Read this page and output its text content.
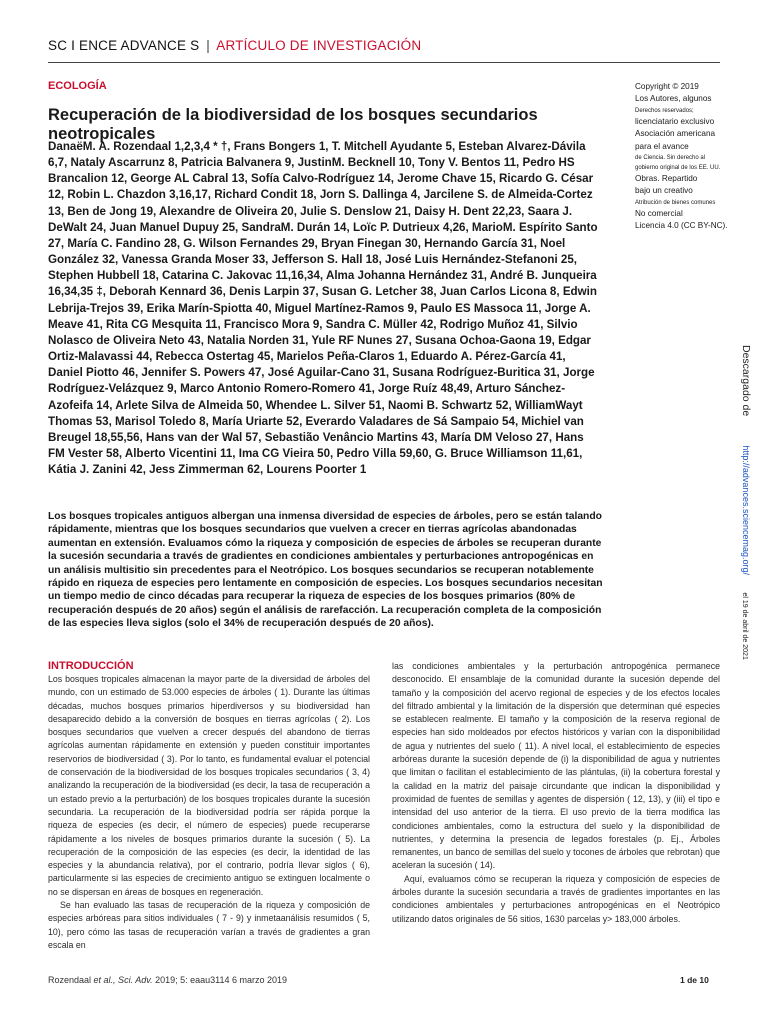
SC I ENCE ADVANCE S | ARTÍCULO DE INVESTIGACIÓN
ECOLOGÍA
Recuperación de la biodiversidad de los bosques secundarios neotropicales
DanaëM. A. Rozendaal 1,2,3,4 * †, Frans Bongers 1, T. Mitchell Ayudante 5, Esteban Alvarez-Dávila 6,7, Nataly Ascarrunz 8, Patricia Balvanera 9, JustinM. Becknell 10, Tony V. Bentos 11, Pedro HS Brancalion 12, George AL Cabral 13, Sofía Calvo-Rodríguez 14, Jerome Chave 15, Ricardo G. César 12, Robin L. Chazdon 3,16,17, Richard Condit 18, Jorn S. Dallinga 4, Jarcilene S. de Almeida-Cortez 13, Ben de Jong 19, Alexandre de Oliveira 20, Julie S. Denslow 21, Daisy H. Dent 22,23, Saara J. DeWalt 24, Juan Manuel Dupuy 25, SandraM. Durán 14, Loïc P. Dutrieux 4,26, MarioM. Espírito Santo 27, María C. Fandino 28, G. Wilson Fernandes 29, Bryan Finegan 30, Hernando García 31, Noel González 32, Vanessa Granda Moser 33, Jefferson S. Hall 18, José Luis Hernández-Stefanoni 25, Stephen Hubbell 18, Catarina C. Jakovac 11,16,34, Alma Johanna Hernández 31, André B. Junqueira 16,34,35 ‡, Deborah Kennard 36, Denis Larpin 37, Susan G. Letcher 38, Juan Carlos Licona 8, Edwin Lebrija-Trejos 39, Erika Marín-Spiotta 40, Miguel Martínez-Ramos 9, Paulo ES Massoca 11, Jorge A. Meave 41, Rita CG Mesquita 11, Francisco Mora 9, Sandra C. Müller 42, Rodrigo Muñoz 41, Silvio Nolasco de Oliveira Neto 43, Natalia Norden 31, Yule RF Nunes 27, Susana Ochoa-Gaona 19, Edgar Ortiz-Malavassi 44, Rebecca Ostertag 45, Marielos Peña-Claros 1, Eduardo A. Pérez-García 41, Daniel Piotto 46, Jennifer S. Powers 47, José Aguilar-Cano 31, Susana Rodríguez-Buritica 31, Jorge Rodríguez-Velázquez 9, Marco Antonio Romero-Romero 41, Jorge Ruíz 48,49, Arturo Sánchez-Azofeifa 14, Arlete Silva de Almeida 50, Whendee L. Silver 51, Naomi B. Schwartz 52, WilliamWayt Thomas 53, Marisol Toledo 8, María Uriarte 52, Everardo Valadares de Sá Sampaio 54, Michiel van Breugel 18,55,56, Hans van der Wal 57, Sebastião Venâncio Martins 43, María DM Veloso 27, Hans FM Vester 58, Alberto Vicentini 11, Ima CG Vieira 50, Pedro Villa 59,60, G. Bruce Williamson 11,61, Kátia J. Zanini 42, Jess Zimmerman 62, Lourens Poorter 1
Copyright © 2019
Los Autores, algunos
Derechos reservados;
licenciatario exclusivo
Asociación americana
para el avance
de Ciencia. Sin derecho al
gobierno original de los EE. UU.
Obras. Repartido
bajo un creativo
Atribución de bienes comunes
No comercial
Licencia 4.0 (CC BY-NC).
Descargado de          http://advances.sciencemag.org/      el 19 de abril de 2021
Los bosques tropicales antiguos albergan una inmensa diversidad de especies de árboles, pero se están talando rápidamente, mientras que los bosques secundarios que vuelven a crecer en tierras agrícolas abandonadas aumentan en extensión. Evaluamos cómo la riqueza y composición de especies de árboles se recuperan durante la sucesión secundaria a través de gradientes en condiciones ambientales y perturbaciones antropogénicas en un análisis multisitio sin precedentes para el Neotrópico. Los bosques secundarios se recuperan notablemente rápido en riqueza de especies pero lentamente en composición de especies. Los bosques secundarios necesitan un tiempo medio de cinco décadas para recuperar la riqueza de especies de los bosques primarios (80% de recuperación después de 20 años) según el análisis de rarefacción. La recuperación completa de la composición de las especies lleva siglos (solo el 34% de recuperación después de 20 años).
INTRODUCCIÓN

Los bosques tropicales almacenan la mayor parte de la diversidad de árboles del mundo, con un estimado de 53.000 especies de árboles ( 1). Durante las últimas décadas, muchos bosques primarios hiperdiversos y su biodiversidad han desaparecido debido a la conversión de bosques en tierras agrícolas ( 2). Los bosques secundarios que vuelven a crecer después del abandono de tierras agrícolas aumentan rápidamente en extensión y pueden constituir importantes reservorios de biodiversidad ( 3). Por lo tanto, es fundamental evaluar el potencial de conservación de la biodiversidad de los bosques tropicales secundarios ( 3, 4) analizando la recuperación de la biodiversidad (es decir, la tasa de recuperación a un estado previo a la perturbación) de los bosques tropicales durante la sucesión secundaria. La recuperación de la biodiversidad podría ser rápida porque la riqueza de especies (es decir, el número de especies) puede recuperarse rápidamente a los niveles de bosques primarios durante la sucesión ( 5). La recuperación de la composición de las especies (es decir, la identidad de las especies y la abundancia relativa), por el contrario, podría llevar siglos ( 6), particularmente si las especies de crecimiento antiguo se extinguen localmente o no se dispersan en áreas de bosques en regeneración.

Se han evaluado las tasas de recuperación de la riqueza y composición de especies arbóreas para sitios individuales ( 7 - 9) y inmetaanálisis resumidos ( 5, 10), pero cómo las tasas de recuperación varían a través de gradientes a gran escala en

las condiciones ambientales y la perturbación antropogénica permanece desconocido. El ensamblaje de la comunidad durante la sucesión depende del tamaño y la composición del acervo regional de especies y de los efectos locales del filtrado ambiental y la limitación de la dispersión que determinan qué especies se establecen realmente. El tamaño y la composición de la reserva regional de especies han sido moldeados por efectos históricos y varían con la disponibilidad de agua y nutrientes del suelo ( 11). A nivel local, el establecimiento de especies arbóreas durante la sucesión depende de (i) la disponibilidad de agua y nutrientes que limitan o facilitan el establecimiento de las plántulas, (ii) la cobertura forestal y la calidad en la matriz del paisaje circundante que indican la disponibilidad y proximidad de fuentes de semillas y agentes de dispersión ( 12, 13), y (iii) el tipo e intensidad del uso anterior de la tierra. El uso previo de la tierra modifica las condiciones ambientales, como la estructura del suelo y la disponibilidad de nutrientes, y determina la presencia de legados forestales (p. Ej., Árboles remanentes, un banco de semillas del suelo y tocones de árboles que rebrotan) que aceleran la sucesión ( 14).

Aquí, evaluamos cómo se recuperan la riqueza y composición de especies de árboles durante la sucesión secundaria a través de gradientes importantes en las condiciones ambientales y perturbaciones antropogénicas en el Neotrópico utilizando datos originales de 56 sitios, 1630 parcelas y> 183,000 árboles.

Rozendaal et al., Sci. Adv. 2019; 5: eaau3114 6 marzo 2019	1 de 10
